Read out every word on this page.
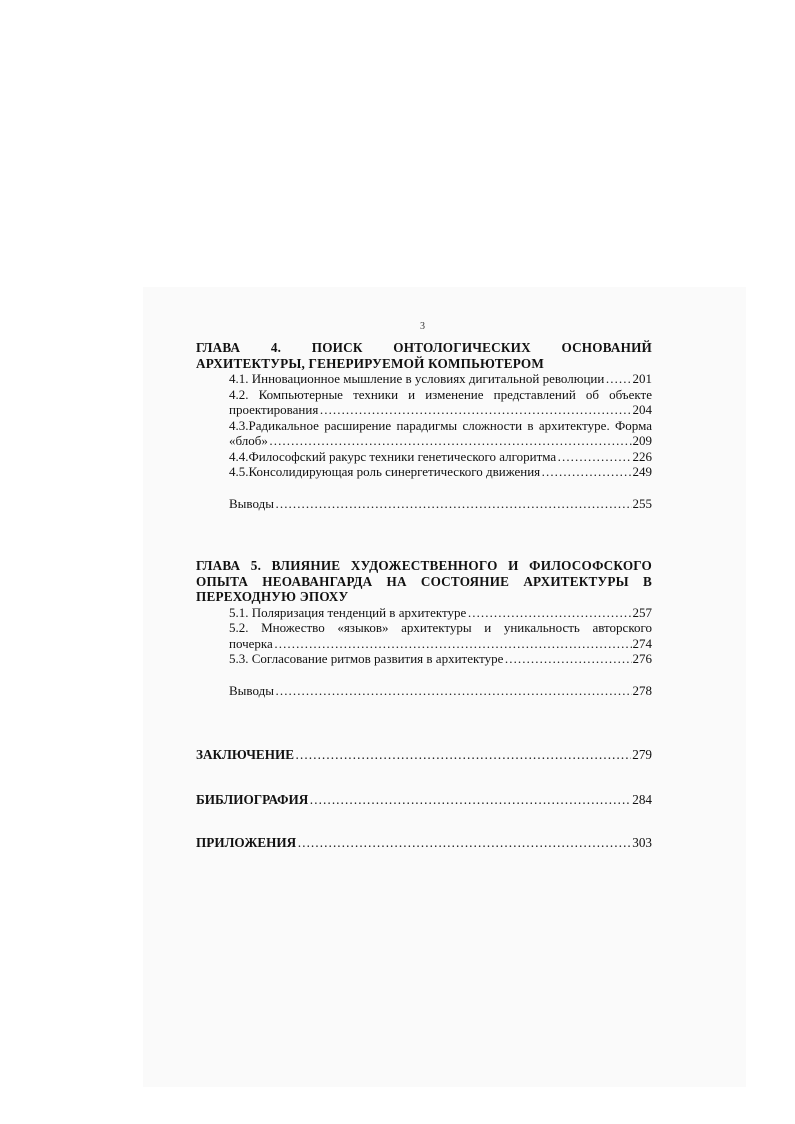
3
ГЛАВА 4. ПОИСК ОНТОЛОГИЧЕСКИХ ОСНОВАНИЙ АРХИТЕКТУРЫ, ГЕНЕРИРУЕМОЙ КОМПЬЮТЕРОМ
4.1. Инновационное мышление в условиях дигитальной революции …………………………………………………………………………………………………………………………………………………… 201
4.2. Компьютерные техники и изменение представлений об объекте
проектирования ……………………………………………………………………………………………………………………………………………………	204
4.3.Радикальное расширение парадигмы сложности в архитектуре. Форма
«блоб» ……………………………………………………………………………………………………………………………………………………	209
4.4.Философский ракурс техники генетического алгоритма ……………………………………………………………………………………………………………………………………………………	226
4.5.Консолидирующая роль синергетического движения ……………………………………………………………………………………………………………………………………………………	249
Выводы ……………………………………………………………………………………………………………………………………………………	255
ГЛАВА 5. ВЛИЯНИЕ ХУДОЖЕСТВЕННОГО И ФИЛОСОФСКОГО ОПЫТА НЕОАВАНГАРДА НА СОСТОЯНИЕ АРХИТЕКТУРЫ В ПЕРЕХОДНУЮ ЭПОХУ
5.1. Поляризация тенденций в архитектуре ……………………………………………………………………………………………………………………………………………………	257
5.2. Множество «языков» архитектуры и уникальность авторского
почерка ……………………………………………………………………………………………………………………………………………………	274
5.3. Согласование ритмов развития в архитектуре ……………………………………………………………………………………………………………………………………………………	276
Выводы ……………………………………………………………………………………………………………………………………………………	278
ЗАКЛЮЧЕНИЕ ……………………………………………………………………………………………………………………………………………………	279
БИБЛИОГРАФИЯ ……………………………………………………………………………………………………………………………………………………	284
ПРИЛОЖЕНИЯ ……………………………………………………………………………………………………………………………………………………	303
